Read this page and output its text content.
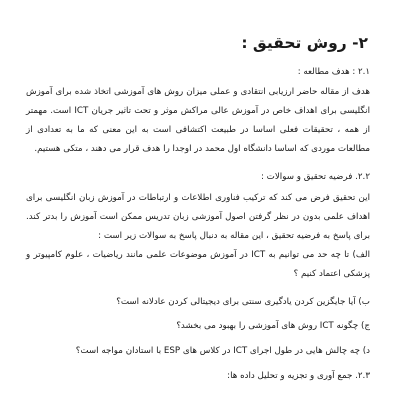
۲- روش تحقیق :

۲.۱ : هدف مطالعه :

هدف از مقاله حاضر ارزیابی انتقادی و عملی میزان روش های آموزشی اتخاذ شده برای آموزش انگلیسی برای اهداف خاص در آموزش عالی مراکش موثر و تحت تاثیر جریان ICT است. مهمتر از همه ، تحقیقات فعلی اساسا در طبیعت اکتشافی است به این معنی که ما به تعدادی از مطالعات موردی که اساسا دانشگاه اول محمد در اوجدا را هدف قرار می دهند ، متکی هستیم.

۲.۲. فرضیه تحقیق و سوالات :

این تحقیق فرض می کند که ترکیب فناوری اطلاعات و ارتباطات در آموزش زبان انگلیسی برای اهداف علمی بدون در نظر گرفتن اصول آموزشی زبان تدریس ممکن است آموزش را بدتر کند. برای پاسخ به فرضیه تحقیق ، این مقاله به دنبال پاسخ به سوالات زیر است :

الف) تا چه حد می توانیم به ICT در آموزش موضوعات علمی مانند ریاضیات ، علوم کامپیوتر و پزشکی اعتماد کنیم ؟

ب) آیا جایگزین کردن یادگیری سنتی برای دیجیتالی کردن عادلانه است؟

ج) چگونه ICT روش های آموزشی را بهبود می بخشد؟

د) چه چالش هایی در طول اجرای ICT در کلاس های ESP با استادان مواجه است؟

۲.۳. جمع آوری و تجزیه و تحلیل داده ها:
